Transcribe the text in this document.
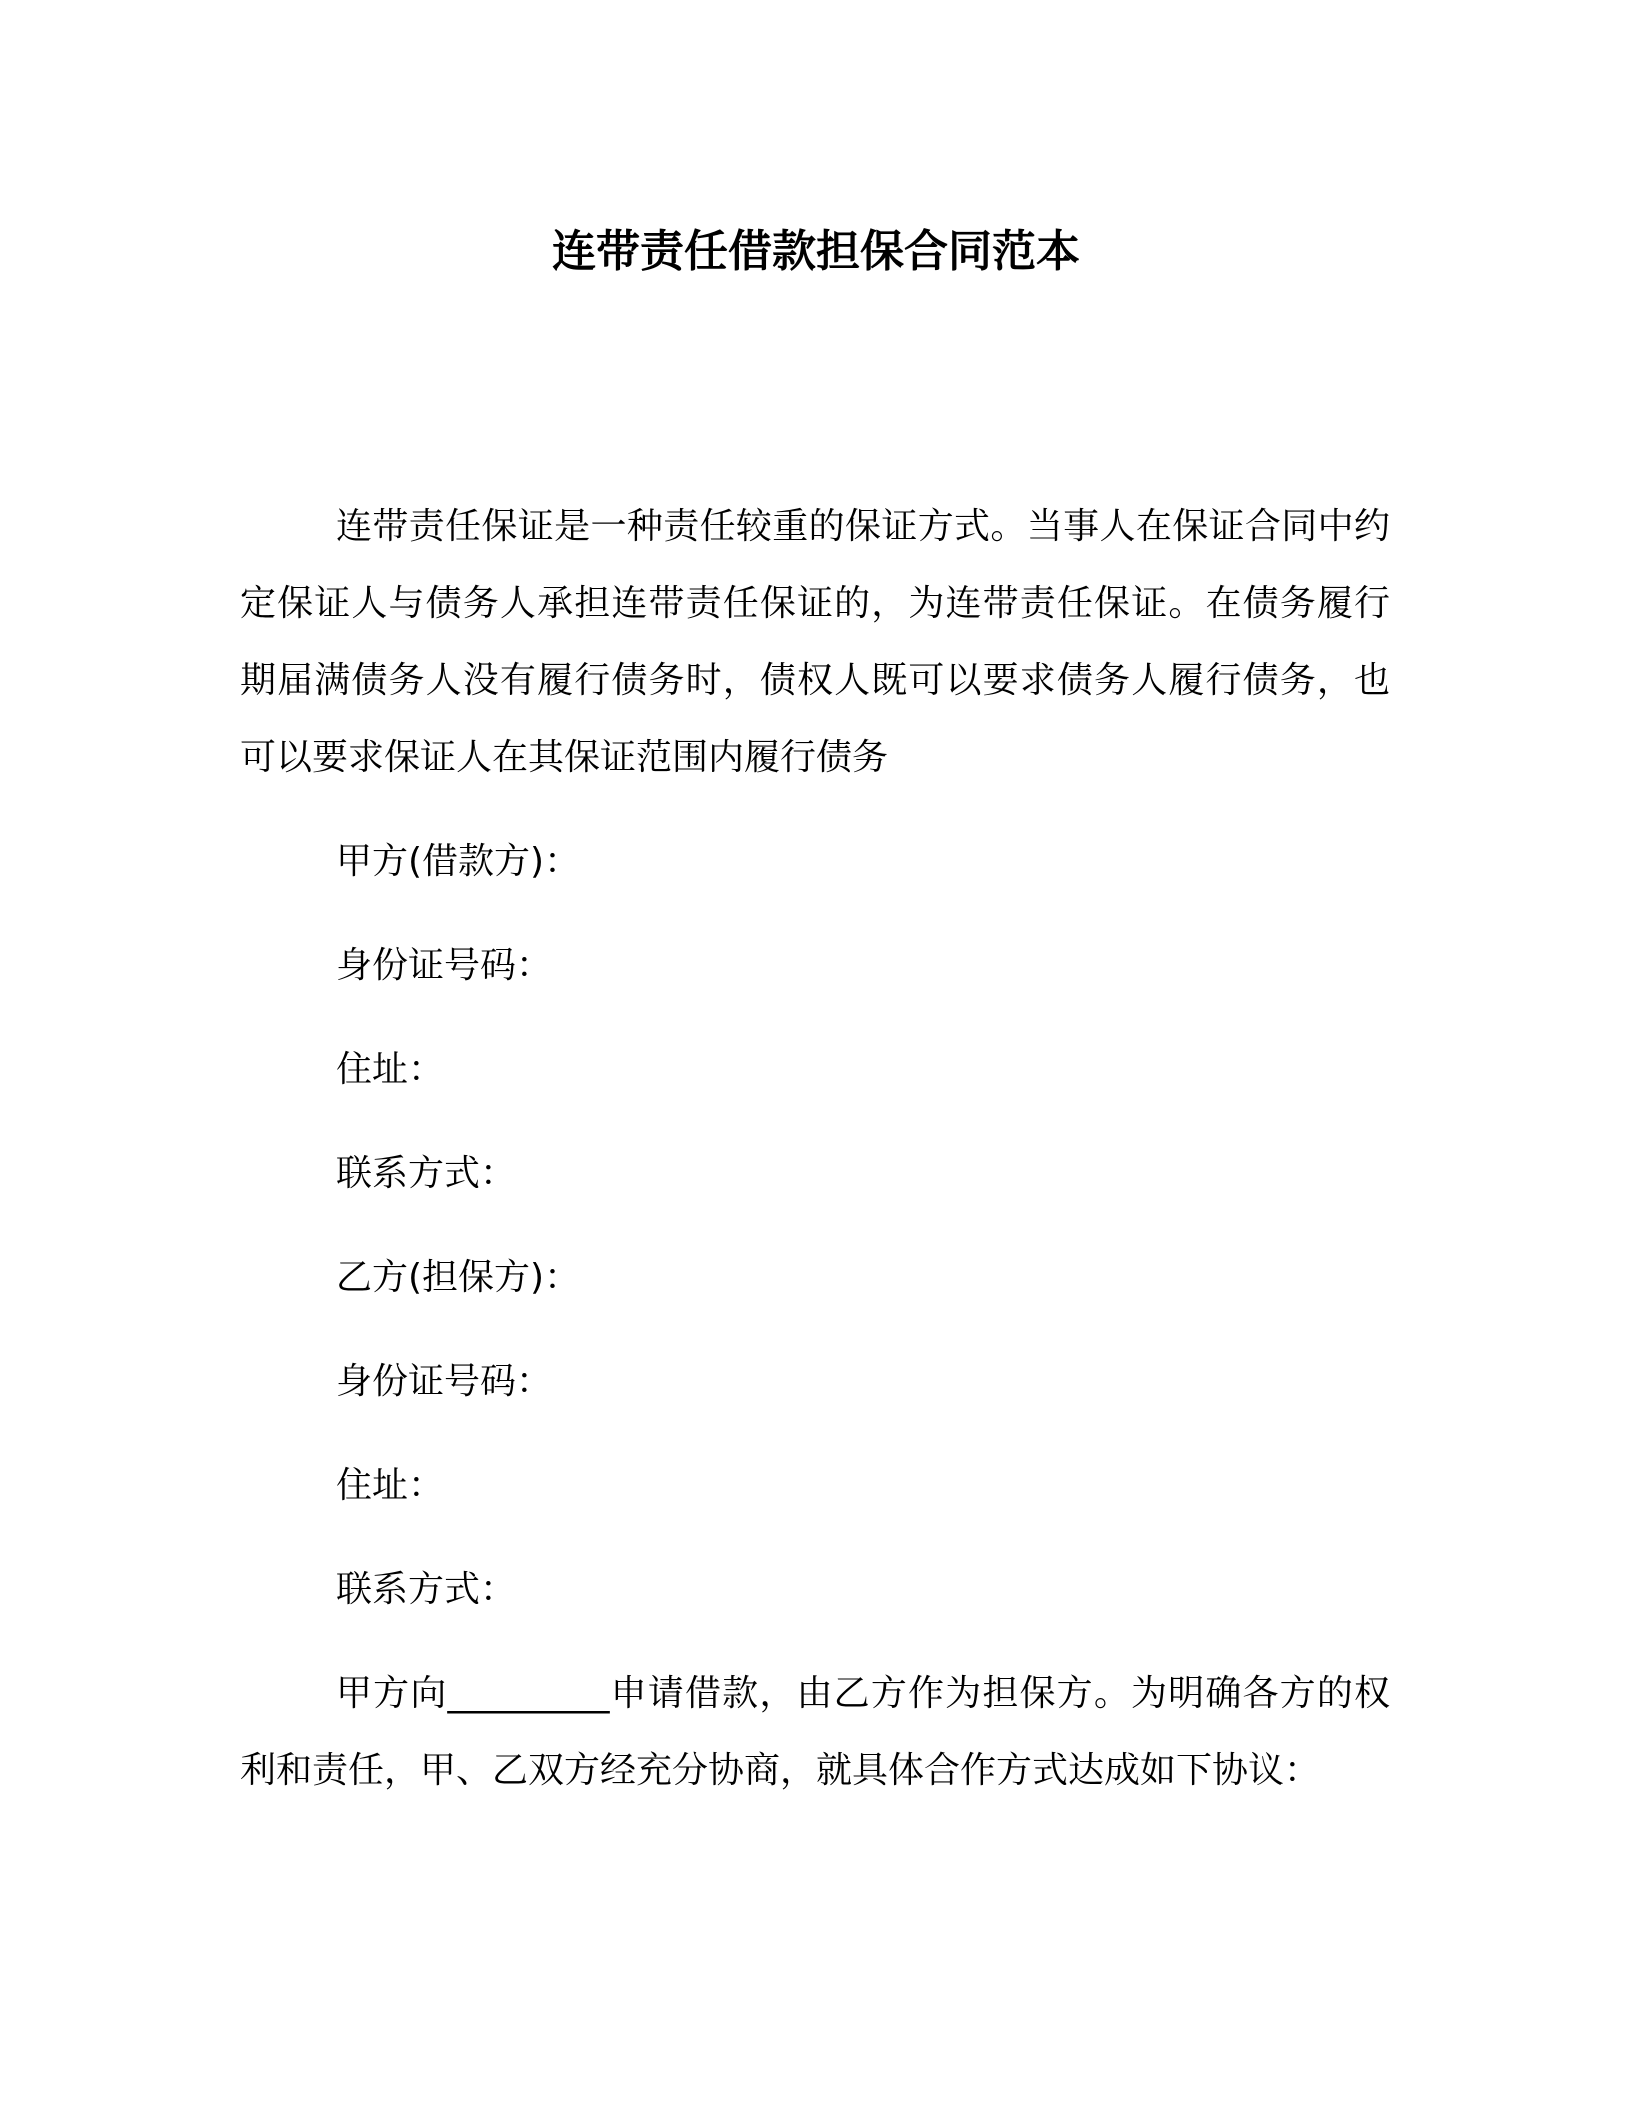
连带责任借款担保合同范本

连带责任保证是一种责任较重的保证方式。当事人在保证合同中约定保证人与债务人承担连带责任保证的，为连带责任保证。在债务履行期届满债务人没有履行债务时，债权人既可以要求债务人履行债务，也可以要求保证人在其保证范围内履行债务

甲方(借款方)：

身份证号码：

住址：

联系方式：

乙方(担保方)：

身份证号码：

住址：

联系方式：

甲方向_________申请借款，由乙方作为担保方。为明确各方的权利和责任，甲、乙双方经充分协商，就具体合作方式达成如下协议：
